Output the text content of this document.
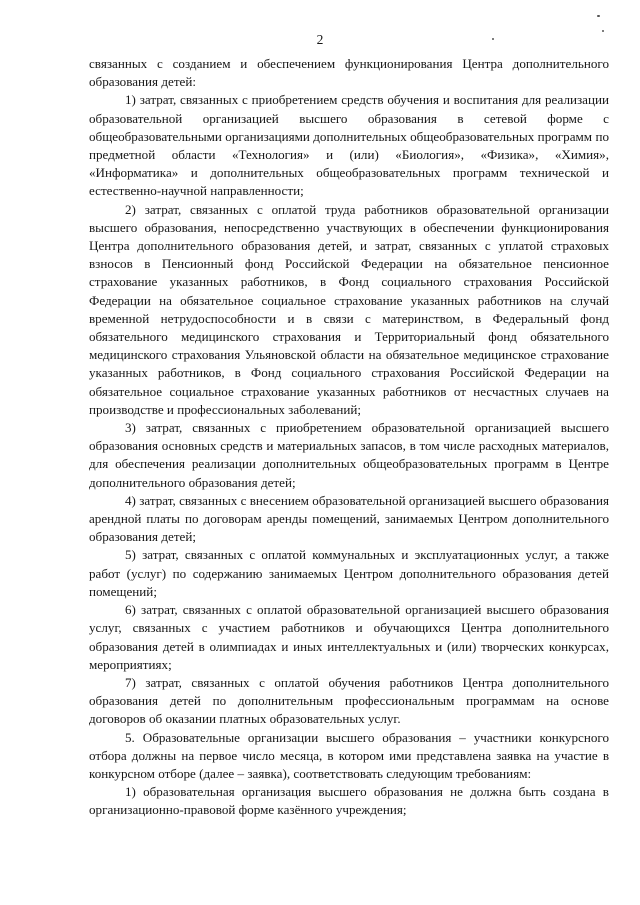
2

связанных с созданием и обеспечением функционирования Центра дополнительного образования детей:

1) затрат, связанных с приобретением средств обучения и воспитания для реализации образовательной организацией высшего образования в сетевой форме с общеобразовательными организациями дополнительных общеобразовательных программ по предметной области «Технология» и (или) «Биология», «Физика», «Химия», «Информатика» и дополнительных общеобразовательных программ технической и естественно-научной направленности;

2) затрат, связанных с оплатой труда работников образовательной организации высшего образования, непосредственно участвующих в обеспечении функционирования Центра дополнительного образования детей, и затрат, связанных с уплатой страховых взносов в Пенсионный фонд Российской Федерации на обязательное пенсионное страхование указанных работников, в Фонд социального страхования Российской Федерации на обязательное социальное страхование указанных работников на случай временной нетрудоспособности и в связи с материнством, в Федеральный фонд обязательного медицинского страхования и Территориальный фонд обязательного медицинского страхования Ульяновской области на обязательное медицинское страхование указанных работников, в Фонд социального страхования Российской Федерации на обязательное социальное страхование указанных работников от несчастных случаев на производстве и профессиональных заболеваний;

3) затрат, связанных с приобретением образовательной организацией высшего образования основных средств и материальных запасов, в том числе расходных материалов, для обеспечения реализации дополнительных общеобразовательных программ в Центре дополнительного образования детей;

4) затрат, связанных с внесением образовательной организацией высшего образования арендной платы по договорам аренды помещений, занимаемых Центром дополнительного образования детей;

5) затрат, связанных с оплатой коммунальных и эксплуатационных услуг, а также работ (услуг) по содержанию занимаемых Центром дополнительного образования детей помещений;

6) затрат, связанных с оплатой образовательной организацией высшего образования услуг, связанных с участием работников и обучающихся Центра дополнительного образования детей в олимпиадах и иных интеллектуальных и (или) творческих конкурсах, мероприятиях;

7) затрат, связанных с оплатой обучения работников Центра дополнительного образования детей по дополнительным профессиональным программам на основе договоров об оказании платных образовательных услуг.

5. Образовательные организации высшего образования – участники конкурсного отбора должны на первое число месяца, в котором ими представлена заявка на участие в конкурсном отборе (далее – заявка), соответствовать следующим требованиям:

1) образовательная организация высшего образования не должна быть создана в организационно-правовой форме казённого учреждения;
